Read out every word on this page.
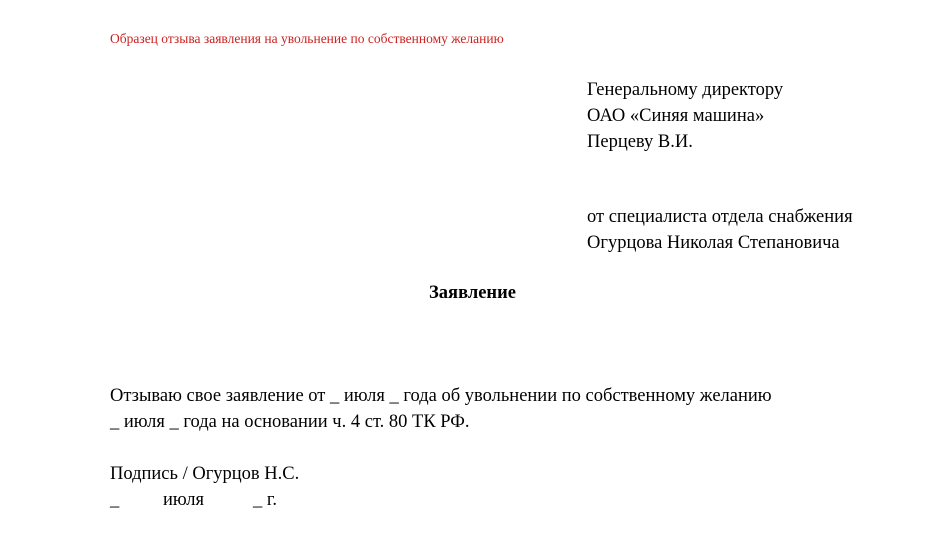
Образец отзыва заявления на увольнение по собственному желанию
Генеральному директору
ОАО «Синяя машина»
Перцеву В.И.
от специалиста отдела снабжения
Огурцова Николая Степановича
Заявление
Отзываю свое заявление от _ июля _ года об увольнении по собственному желанию
_ июля _ года на основании ч. 4 ст. 80 ТК РФ.
Подпись / Огурцов Н.С.
_ июля	_ г.
